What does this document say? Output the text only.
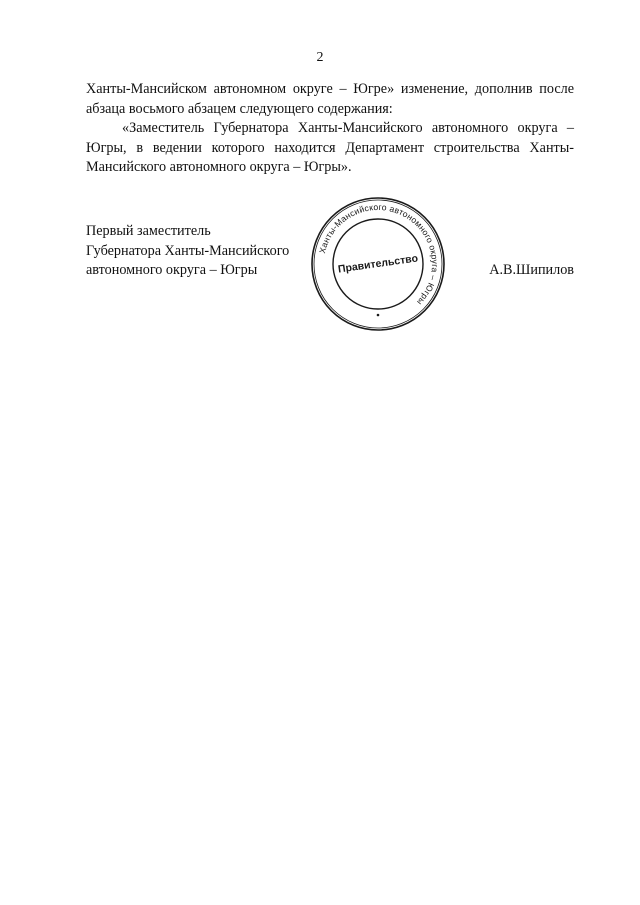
2

Ханты-Мансийском автономном округе – Югре» изменение, дополнив после абзаца восьмого абзацем следующего содержания:

«Заместитель Губернатора Ханты-Мансийского автономного округа – Югры, в ведении которого находится Департамент строительства Ханты-Мансийского автономного округа – Югры».

Первый заместитель
Губернатора Ханты-Мансийского
автономного округа – Югры
Ханты-Мансийского автономного округа – Югры
Правительство	А.В.Шипилов
